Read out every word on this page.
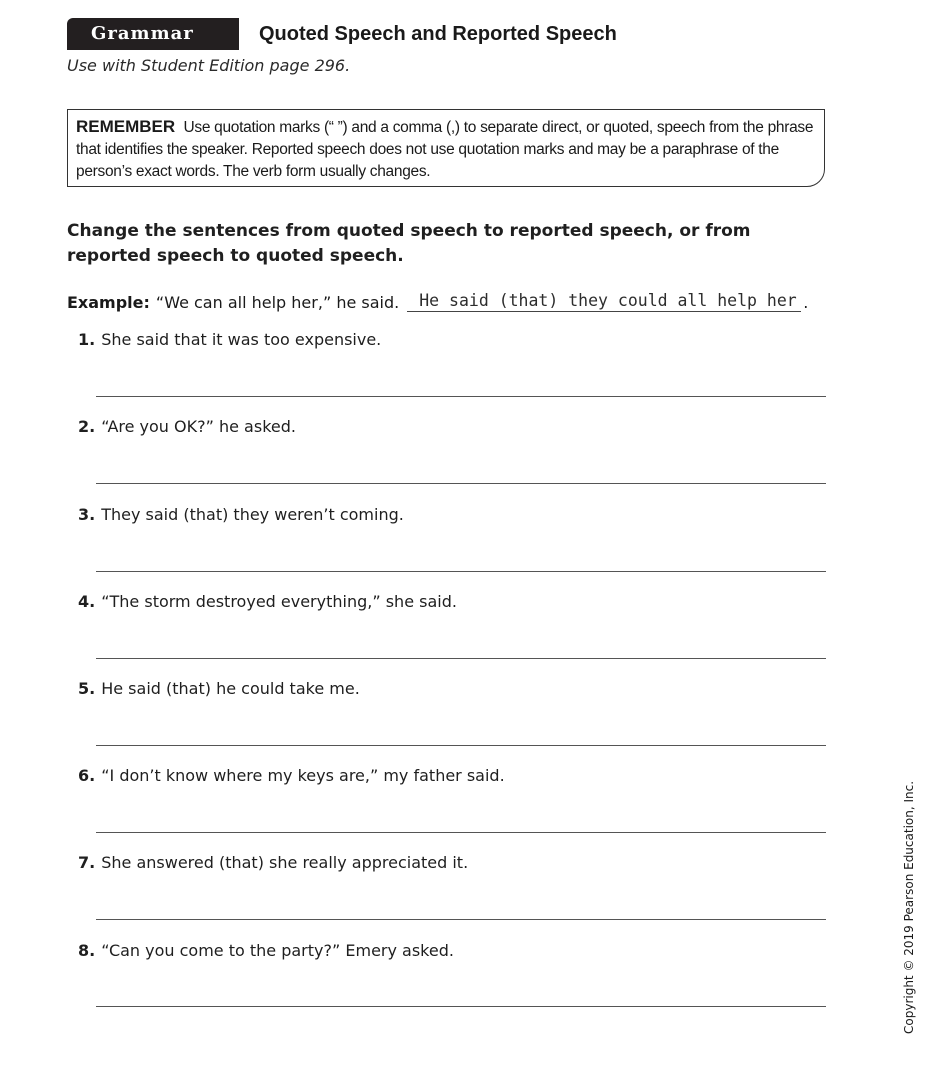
Grammar	Quoted Speech and Reported Speech
Use with Student Edition page 296.
REMEMBER Use quotation marks (“ ”) and a comma (,) to separate direct, or quoted, speech from the phrase that identifies the speaker. Reported speech does not use quotation marks and may be a paraphrase of the person’s exact words. The verb form usually changes.
Change the sentences from quoted speech to reported speech, or from reported speech to quoted speech.
Example: “We can all help her,” he said. He said (that) they could all help her .
1. She said that it was too expensive.
2. “Are you OK?” he asked.
3. They said (that) they weren’t coming.
4. “The storm destroyed everything,” she said.
5. He said (that) he could take me.
6. “I don’t know where my keys are,” my father said.
7. She answered (that) she really appreciated it.
8. “Can you come to the party?” Emery asked.	Copyright © 2019 Pearson Education, Inc.
